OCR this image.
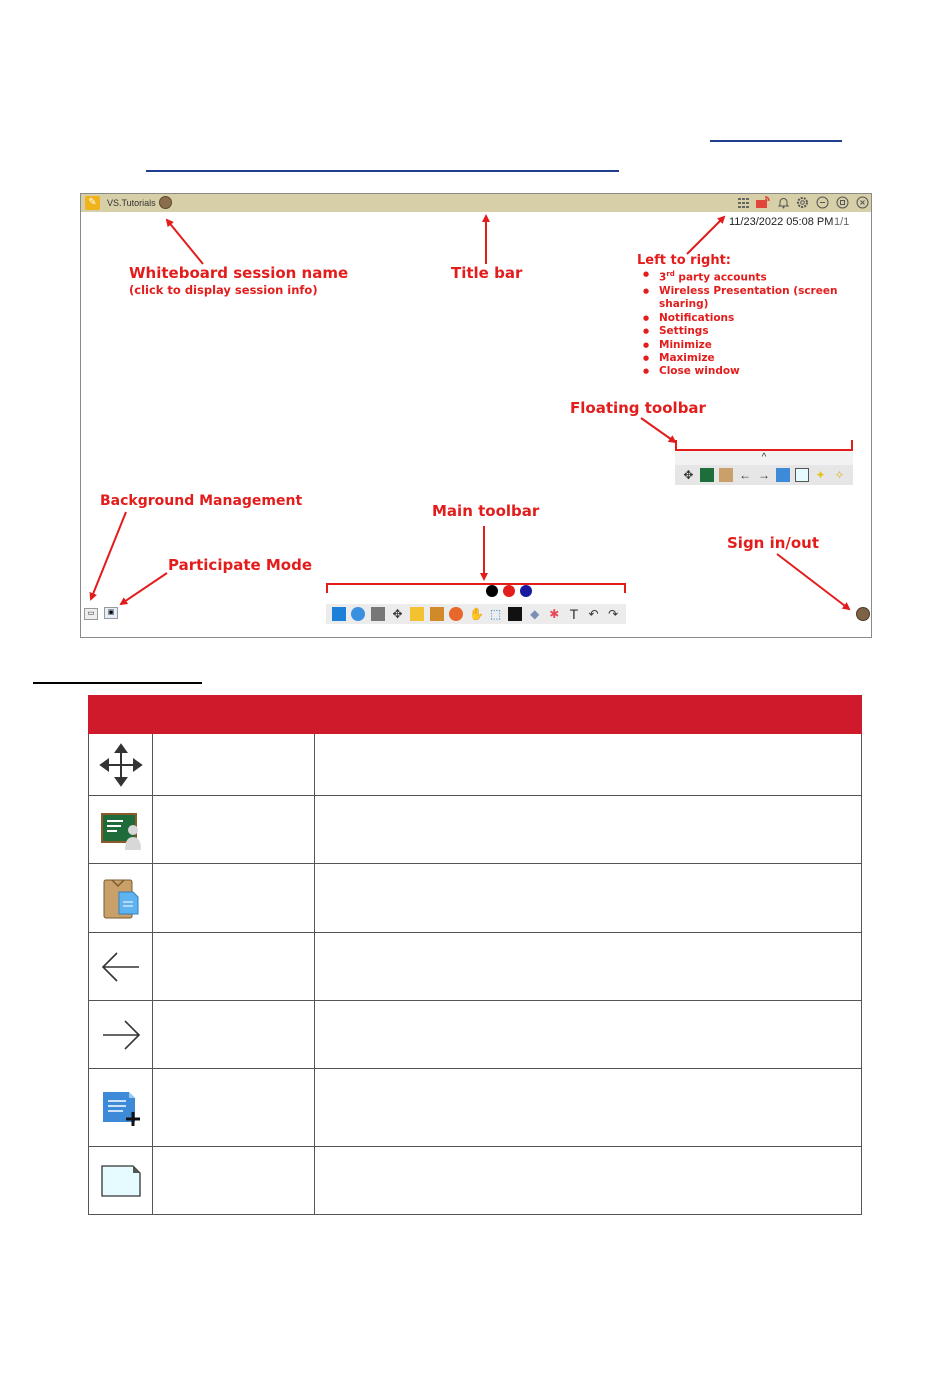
✎	VS.Tutorials
11/23/2022 05:08 PM 1/1
Whiteboard session name
(click to display session info)
Title bar
Left to right:
● 3rd party accounts
● Wireless Presentation (screen sharing)
● Notifications
● Settings
● Minimize
● Maximize
● Close window
Floating toolbar
Background Management
Participate Mode
Main toolbar
Sign in/out
^
✥	← →	✦ ✧
✥	✋ ⬚ ◆ ✱ T ↶ ↷
▭	▣
